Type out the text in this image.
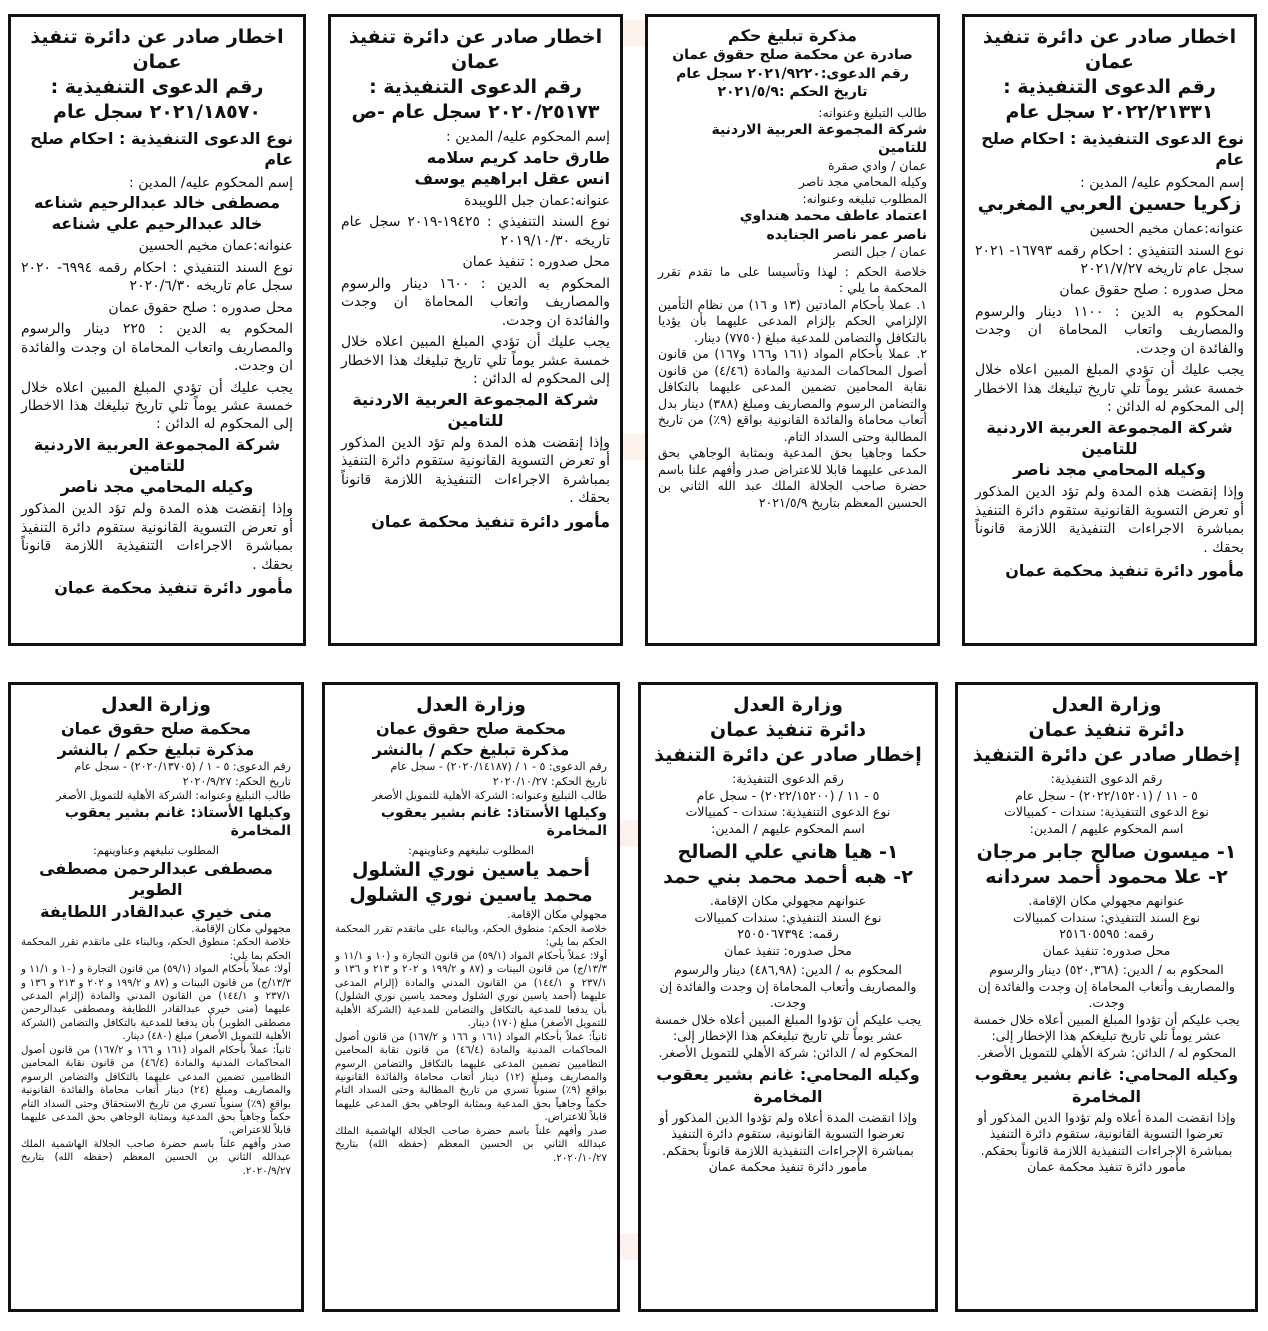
اخطار صادر عن دائرة تنفيذ عمان

رقم الدعوى التنفيذية :

٢٠٢٢/٢١٣٣١ سجل عام

نوع الدعوى التنفيذية : احكام صلح عام

إسم المحكوم عليه/ المدين :

زكريا حسين العربي المغربي

عنوانه:عمان مخيم الحسين

نوع السند التنفيذي : احكام رقمه ١٦٧٩٣- ٢٠٢١ سجل عام تاريخه ٢٠٢١/٧/٢٧

محل صدوره : صلح حقوق عمان

المحكوم به الدين : ١١٠٠ دينار والرسوم والمصاريف واتعاب المحاماة ان وجدت والفائدة ان وجدت.

يجب عليك أن تؤدي المبلغ المبين اعلاه خلال خمسة عشر يوماً تلي تاريخ تبليغك هذا الاخطار إلى المحكوم له الدائن :

شركة المجموعة العربية الاردنية للتامين

وكيله المحامي مجد ناصر

وإذا إنقضت هذه المدة ولم تؤد الدين المذكور أو تعرض التسوية القانونية ستقوم دائرة التنفيذ بمباشرة الاجراءات التنفيذية اللازمة قانوناً بحقك .

مأمور دائرة تنفيذ محكمة عمان

مذكرة تبليغ حكم

صادرة عن محكمة صلح حقوق عمان

رقم الدعوى:٢٠٢١/٩٢٢٠ سجل عام

تاريخ الحكم :٢٠٢١/٥/٩

طالب التبليغ وعنوانه:

شركة المجموعة العربية الاردنية للتامين

عمان / وادي صقرة

وكيله المحامي مجد ناصر

المطلوب تبليغه وعنوانه:

اعتماد عاطف محمد هنداوي

ناصر عمر ناصر الجنايده

عمان / جبل النصر

خلاصة الحكم : لهذا وتأسيسا على ما تقدم تقرر المحكمة ما يلي :

١. عملا بأحكام المادتين (١٣ و ١٦) من نظام التأمين الإلزامي الحكم بإلزام المدعى عليهما بأن يؤديا بالتكافل والتضامن للمدعية مبلغ (٧٧٥٠) دينار.

٢. عملا بأحكام المواد (١٦١ و١٦٦ و١٦٧) من قانون أصول المحاكمات المدنية والمادة (٤/٤٦) من قانون نقابة المحامين تضمين المدعى عليهما بالتكافل والتضامن الرسوم والمصاريف ومبلغ (٣٨٨) دينار بدل أتعاب محاماة والفائدة القانونية بواقع (٩٪) من تاريخ المطالبة وحتى السداد التام.

حكما وجاهيا بحق المدعية وبمثابة الوجاهي بحق المدعى عليهما قابلا للاعتراض صدر وأفهم علنا باسم حضرة صاحب الجلالة الملك عبد الله الثاني بن الحسين المعظم بتاريخ ٢٠٢١/٥/٩

اخطار صادر عن دائرة تنفيذ عمان

رقم الدعوى التنفيذية :

٢٠٢٠/٢٥١٧٣ سجل عام -ص

إسم المحكوم عليه/ المدين :

طارق حامد كريم سلامه

انس عقل ابراهيم يوسف

عنوانه:عمان جبل اللويبدة

نوع السند التنفيذي : ١٩٤٢٥-٢٠١٩ سجل عام تاريخه ٢٠١٩/١٠/٣٠

محل صدوره : تنفيذ عمان

المحكوم به الدين : ١٦٠٠ دينار والرسوم والمصاريف واتعاب المحاماة ان وجدت والفائدة ان وجدت.

يجب عليك أن تؤدي المبلغ المبين اعلاه خلال خمسة عشر يوماً تلي تاريخ تبليغك هذا الاخطار إلى المحكوم له الدائن :

شركة المجموعة العربية الاردنية للتامين

وإذا إنقضت هذه المدة ولم تؤد الدين المذكور أو تعرض التسوية القانونية ستقوم دائرة التنفيذ بمباشرة الاجراءات التنفيذية اللازمة قانوناً بحقك .

مأمور دائرة تنفيذ محكمة عمان

اخطار صادر عن دائرة تنفيذ عمان

رقم الدعوى التنفيذية :

٢٠٢١/١٨٥٧٠ سجل عام

نوع الدعوى التنفيذية : احكام صلح عام

إسم المحكوم عليه/ المدين :

مصطفى خالد عبدالرحيم شناعه

خالد عبدالرحيم علي شناعه

عنوانه:عمان مخيم الحسين

نوع السند التنفيذي : احكام رقمه ٦٩٩٤- ٢٠٢٠ سجل عام تاريخه ٢٠٢٠/٦/٣٠

محل صدوره : صلح حقوق عمان

المحكوم به الدين : ٢٢٥ دينار والرسوم والمصاريف واتعاب المحاماة ان وجدت والفائدة ان وجدت.

يجب عليك أن تؤدي المبلغ المبين اعلاه خلال خمسة عشر يوماً تلي تاريخ تبليغك هذا الاخطار إلى المحكوم له الدائن :

شركة المجموعة العربية الاردنية للتامين

وكيله المحامي مجد ناصر

وإذا إنقضت هذه المدة ولم تؤد الدين المذكور أو تعرض التسوية القانونية ستقوم دائرة التنفيذ بمباشرة الاجراءات التنفيذية اللازمة قانوناً بحقك .

مأمور دائرة تنفيذ محكمة عمان

وزارة العدل

دائرة تنفيذ عمان

إخطار صادر عن دائرة التنفيذ

رقم الدعوى التنفيذية:

٥ - ١١ / (٢٠٢٢/١٥٢٠١) - سجل عام

نوع الدعوى التنفيذية: سندات - كمبيالات

اسم المحكوم عليهم / المدين:

١- ميسون صالح جابر مرجان

٢- علا محمود أحمد سردانه

عنوانهم مجهولي مكان الإقامة.

نوع السند التنفيذي: سندات كمبيالات

رقمه: ٢٥١٦٠٥٥٩٥

محل صدوره: تنفيذ عمان

المحكوم به / الدين: (٥٢٠,٣٦٨) دينار والرسوم والمصاريف وأتعاب المحاماة إن وجدت والفائدة إن وجدت.

يجب عليكم أن تؤدوا المبلغ المبين أعلاه خلال خمسة عشر يوماً تلي تاريخ تبليغكم هذا الإخطار إلى:

المحكوم له / الدائن: شركة الأهلي للتمويل الأصغر.

وكيله المحامي: غانم بشير يعقوب المخامرة

وإذا انقضت المدة أعلاه ولم تؤدوا الدين المذكور أو تعرضوا التسوية القانونية، ستقوم دائرة التنفيذ بمباشرة الإجراءات التنفيذية اللازمة قانوناً بحقكم.

مأمور دائرة تنفيذ محكمة عمان

وزارة العدل

دائرة تنفيذ عمان

إخطار صادر عن دائرة التنفيذ

رقم الدعوى التنفيذية:

٥ - ١١ / (٢٠٢٢/١٥٢٠٠) - سجل عام

نوع الدعوى التنفيذية: سندات - كمبيالات

اسم المحكوم عليهم / المدين:

١- هيا هاني علي الصالح

٢- هبه أحمد محمد بني حمد

عنوانهم مجهولي مكان الإقامة.

نوع السند التنفيذي: سندات كمبيالات

رقمه: ٢٥٠٥٠٦٧٣٩٤

محل صدوره: تنفيذ عمان

المحكوم به / الدين: (٤٨٦,٩٨) دينار والرسوم والمصاريف وأتعاب المحاماة إن وجدت والفائدة إن وجدت.

يجب عليكم أن تؤدوا المبلغ المبين أعلاه خلال خمسة عشر يوماً تلي تاريخ تبليغكم هذا الإخطار إلى:

المحكوم له / الدائن: شركة الأهلي للتمويل الأصغر.

وكيله المحامي: غانم بشير يعقوب المخامرة

وإذا انقضت المدة أعلاه ولم تؤدوا الدين المذكور أو تعرضوا التسوية القانونية، ستقوم دائرة التنفيذ بمباشرة الإجراءات التنفيذية اللازمة قانوناً بحقكم.

مأمور دائرة تنفيذ محكمة عمان

وزارة العدل

محكمة صلح حقوق عمان

مذكرة تبليغ حكم / بالنشر

رقم الدعوى: ٥ - ١ / (٢٠٢٠/١٤١٨٧) - سجل عام

تاريخ الحكم: ٢٠٢٠/١٠/٢٧

طالب التبليغ وعنوانه: الشركة الأهلية للتمويل الأصغر

وكيلها الأستاذ: غانم بشير يعقوب المخامرة

المطلوب تبليغهم وعناوينهم:

أحمد ياسين نوري الشلول

محمد ياسين نوري الشلول

مجهولي مكان الإقامة.

خلاصة الحكم: منطوق الحكم، وبالبناء على ماتقدم تقرر المحكمة الحكم بما يلي:

أولا: عملاً بأحكام المواد (٥٩/١) من قانون التجارة و (١٠ و ١١/١ و ١٣/٣/ج) من قانون البينات و (٨٧ و ١٩٩/٢ و ٢٠٢ و ٢١٣ و ١٣٦ و ٢٣٧/١ و ١٤٤/١) من القانون المدني والمادة (إلزام المدعى عليهما (أحمد ياسين نوري الشلول ومحمد ياسين نوري الشلول) بأن يدفعا للمدعية بالتكافل والتضامن للمدعية (الشركة الأهلية للتمويل الأصغر) مبلغ (١٧٠) دينار.

ثانياً: عملاً بأحكام المواد (١٦١ و ١٦٦ و ١٦٧/٢) من قانون أصول المحاكمات المدنية والمادة (٤٦/٤) من قانون نقابة المحامين النظاميين تضمين المدعى عليهما بالتكافل والتضامن الرسوم والمصاريف ومبلغ (١٢) دينار أتعاب محاماة والفائدة القانونية بواقع (٩٪) سنوياً تسري من تاريخ المطالبة وحتى السداد التام حكماً وجاهياً بحق المدعية وبمثابة الوجاهي بحق المدعى عليهما قابلاً للاعتراض.

صدر وأفهم علناً باسم حضرة صاحب الجلالة الهاشمية الملك عبدالله الثاني بن الحسين المعظم (حفظه الله) بتاريخ ٢٠٢٠/١٠/٢٧.

وزارة العدل

محكمة صلح حقوق عمان

مذكرة تبليغ حكم / بالنشر

رقم الدعوى: ٥ - ١ / (٢٠٢٠/١٣٧٠٥) - سجل عام

تاريخ الحكم: ٢٠٢٠/٩/٢٧

طالب التبليغ وعنوانه: الشركة الأهلية للتمويل الأصغر

وكيلها الأستاذ: غانم بشير يعقوب المخامرة

المطلوب تبليغهم وعناوينهم:

مصطفى عبدالرحمن مصطفى الطوير

منى خيري عبدالقادر اللطايفة

مجهولي مكان الإقامة.

خلاصة الحكم: منطوق الحكم، وبالبناء على ماتقدم تقرر المحكمة الحكم بما يلي:

أولا: عملاً بأحكام المواد (٥٩/١) من قانون التجارة و (١٠ و ١١/١ و ١٣/٣/ج) من قانون البينات و (٨٧ و ١٩٩/٢ و ٢٠٢ و ٢١٣ و ١٣٦ و ٢٣٧/١ و ١٤٤/١) من القانون المدني والمادة (إلزام المدعى عليهما (منى خيري عبدالقادر اللطايفة ومصطفى عبدالرحمن مصطفى الطوير) بأن يدفعا للمدعية بالتكافل والتضامن (الشركة الأهلية للتمويل الأصغر) مبلغ (٤٨٠) دينار.

ثانياً: عملاً بأحكام المواد (١٦١ و ١٦٦ و ١٦٧/٢) من قانون أصول المحاكمات المدنية والمادة (٤٦/٤) من قانون نقابة المحامين النظاميين تضمين المدعى عليهما بالتكافل والتضامن الرسوم والمصاريف ومبلغ (٢٤) دينار أتعاب محاماة والفائدة القانونية بواقع (٩٪) سنوياً تسري من تاريخ الاستحقاق وحتى السداد التام حكماً وجاهياً بحق المدعية وبمثابة الوجاهي بحق المدعى عليهما قابلاً للاعتراض.

صدر وأفهم علناً باسم حضرة صاحب الجلالة الهاشمية الملك عبدالله الثاني بن الحسين المعظم (حفظه الله) بتاريخ ٢٠٢٠/٩/٢٧.
